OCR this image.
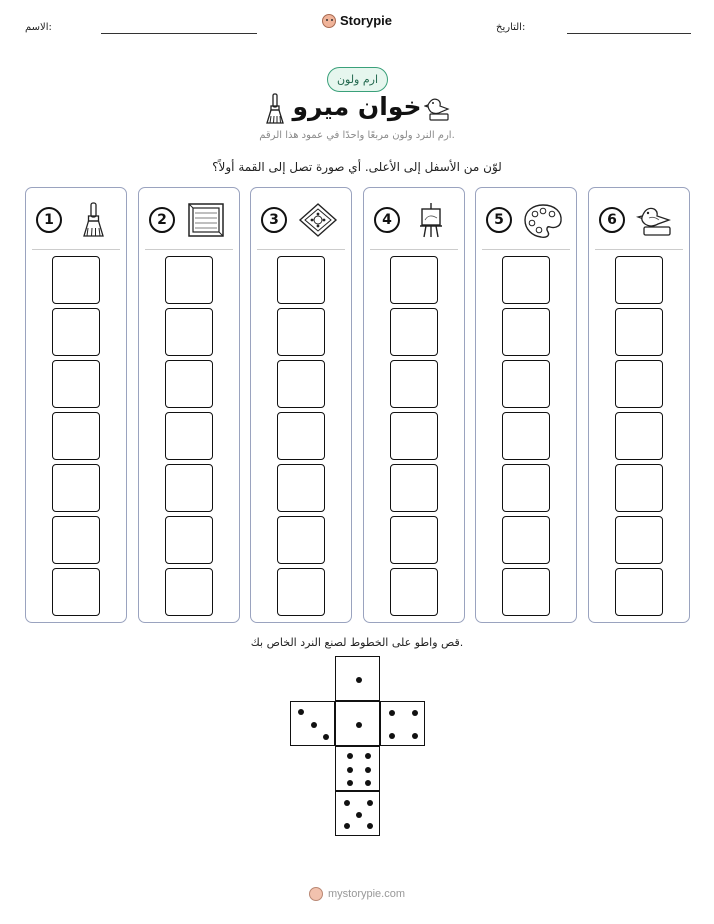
الاسم:	Storypie	التاريخ:
ارم ولون
خوان ميرو
ارم النرد ولون مربعًا واحدًا في عمود هذا الرقم.
لوّن من الأسفل إلى الأعلى. أي صورة تصل إلى القمة أولاً؟
1	2	3	4	5	6
قص واطو على الخطوط لصنع النرد الخاص بك.
mystorypie.com
